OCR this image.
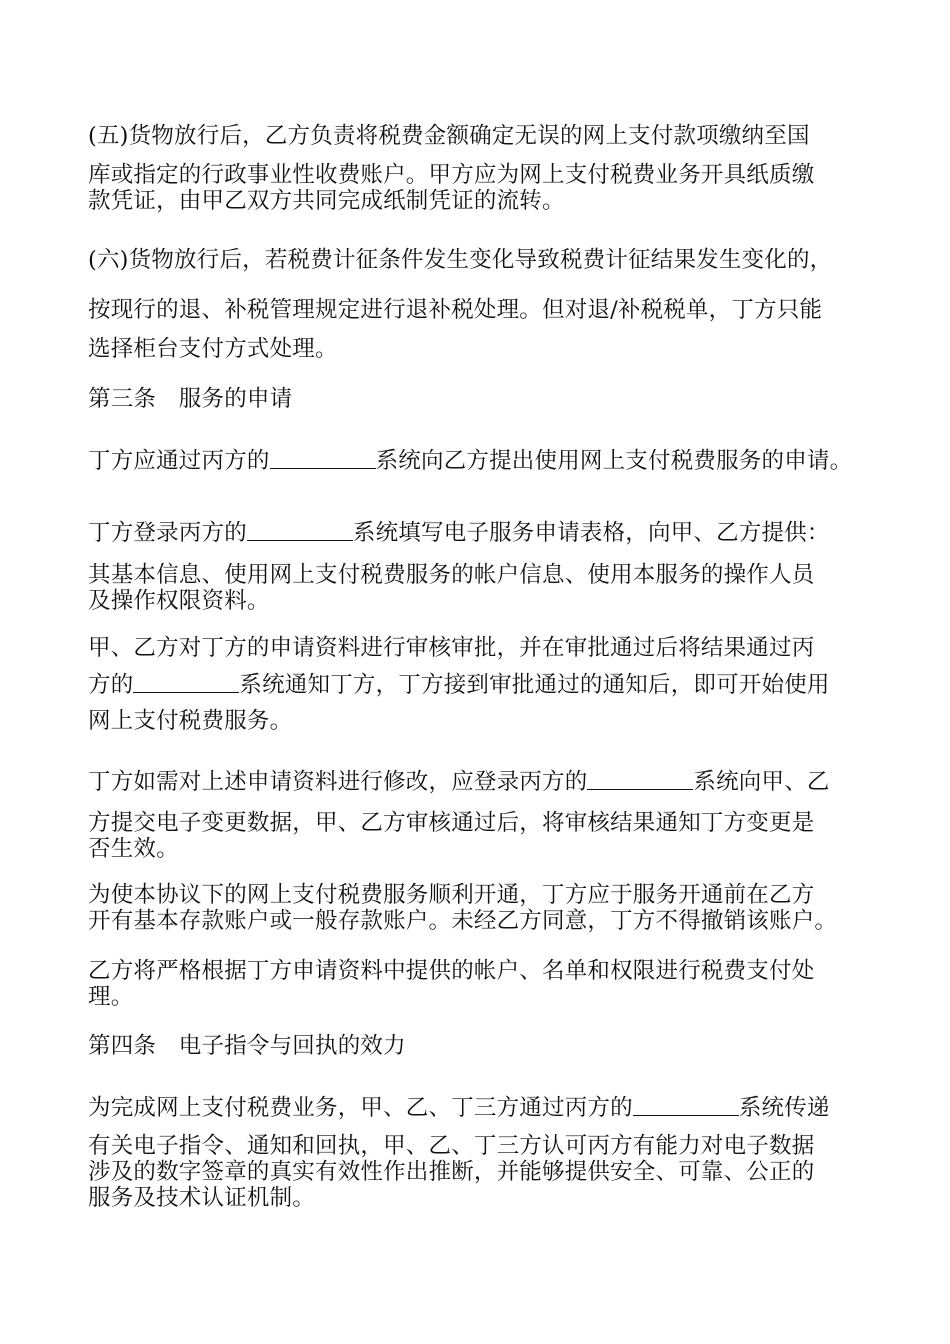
(五)货物放行后，乙方负责将税费金额确定无误的网上支付款项缴纳至国
库或指定的行政事业性收费账户。甲方应为网上支付税费业务开具纸质缴
款凭证，由甲乙双方共同完成纸制凭证的流转。
(六)货物放行后，若税费计征条件发生变化导致税费计征结果发生变化的，
按现行的退、补税管理规定进行退补税处理。但对退/补税税单，丁方只能
选择柜台支付方式处理。
第三条　服务的申请
丁方应通过丙方的	系统向乙方提出使用网上支付税费服务的申请。
丁方登录丙方的	系统填写电子服务申请表格，向甲、乙方提供：
其基本信息、使用网上支付税费服务的帐户信息、使用本服务的操作人员
及操作权限资料。
甲、乙方对丁方的申请资料进行审核审批，并在审批通过后将结果通过丙
方的	系统通知丁方，丁方接到审批通过的通知后，即可开始使用
网上支付税费服务。
丁方如需对上述申请资料进行修改，应登录丙方的	系统向甲、乙
方提交电子变更数据，甲、乙方审核通过后，将审核结果通知丁方变更是
否生效。
为使本协议下的网上支付税费服务顺利开通，丁方应于服务开通前在乙方
开有基本存款账户或一般存款账户。未经乙方同意，丁方不得撤销该账户。
乙方将严格根据丁方申请资料中提供的帐户、名单和权限进行税费支付处
理。
第四条　电子指令与回执的效力
为完成网上支付税费业务，甲、乙、丁三方通过丙方的	系统传递
有关电子指令、通知和回执，甲、乙、丁三方认可丙方有能力对电子数据
涉及的数字签章的真实有效性作出推断，并能够提供安全、可靠、公正的
服务及技术认证机制。
